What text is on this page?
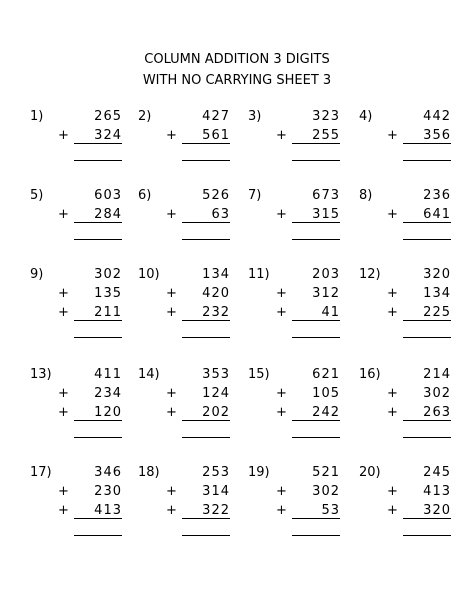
COLUMN ADDITION 3 DIGITS
WITH NO CARRYING SHEET 3
1)	265
324
+
2)	427
561
+
3)	323
255
+
4)	442
356
+
5)	603
284
+
6)	526
63
+
7)	673
315
+
8)	236
641
+
9)	302
135
+
211
+
10)	134
420
+
232
+
11)	203
312
+
41
+
12)	320
134
+
225
+
13)	411
234
+
120
+
14)	353
124
+
202
+
15)	621
105
+
242
+
16)	214
302
+
263
+
17)	346
230
+
413
+
18)	253
314
+
322
+
19)	521
302
+
53
+
20)	245
413
+
320
+
